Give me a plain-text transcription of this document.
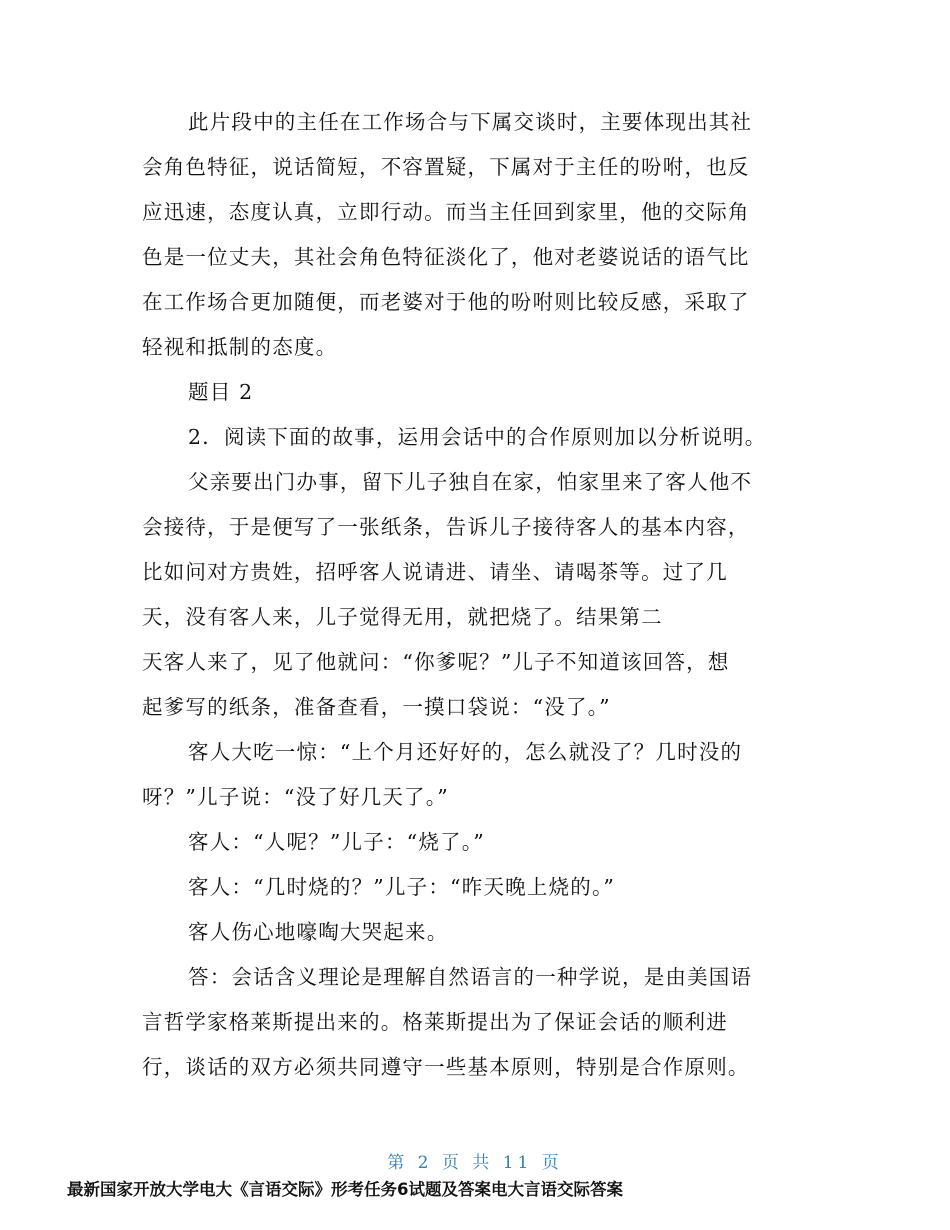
此片段中的主任在工作场合与下属交谈时，主要体现出其社
会角色特征，说话简短，不容置疑，下属对于主任的吩咐，也反
应迅速，态度认真，立即行动。而当主任回到家里，他的交际角
色是一位丈夫，其社会角色特征淡化了，他对老婆说话的语气比
在工作场合更加随便，而老婆对于他的吩咐则比较反感，采取了
轻视和抵制的态度。
题目 2
2．阅读下面的故事，运用会话中的合作原则加以分析说明。
父亲要出门办事，留下儿子独自在家，怕家里来了客人他不
会接待，于是便写了一张纸条，告诉儿子接待客人的基本内容，
比如问对方贵姓，招呼客人说请进、请坐、请喝茶等。过了几
天，没有客人来，儿子觉得无用，就把烧了。结果第二
天客人来了，见了他就问：“你爹呢？”儿子不知道该回答，想
起爹写的纸条，准备查看，一摸口袋说：“没了。”
客人大吃一惊：“上个月还好好的，怎么就没了？几时没的
呀？”儿子说：“没了好几天了。”
客人：“人呢？”儿子：“烧了。”
客人：“几时烧的？”儿子：“昨天晚上烧的。”
客人伤心地嚎啕大哭起来。
答：会话含义理论是理解自然语言的一种学说，是由美国语
言哲学家格莱斯提出来的。格莱斯提出为了保证会话的顺利进
行，谈话的双方必须共同遵守一些基本原则，特别是合作原则。
第 2 页 共 11 页
最新国家开放大学电大《言语交际》形考任务6试题及答案电大言语交际答案
